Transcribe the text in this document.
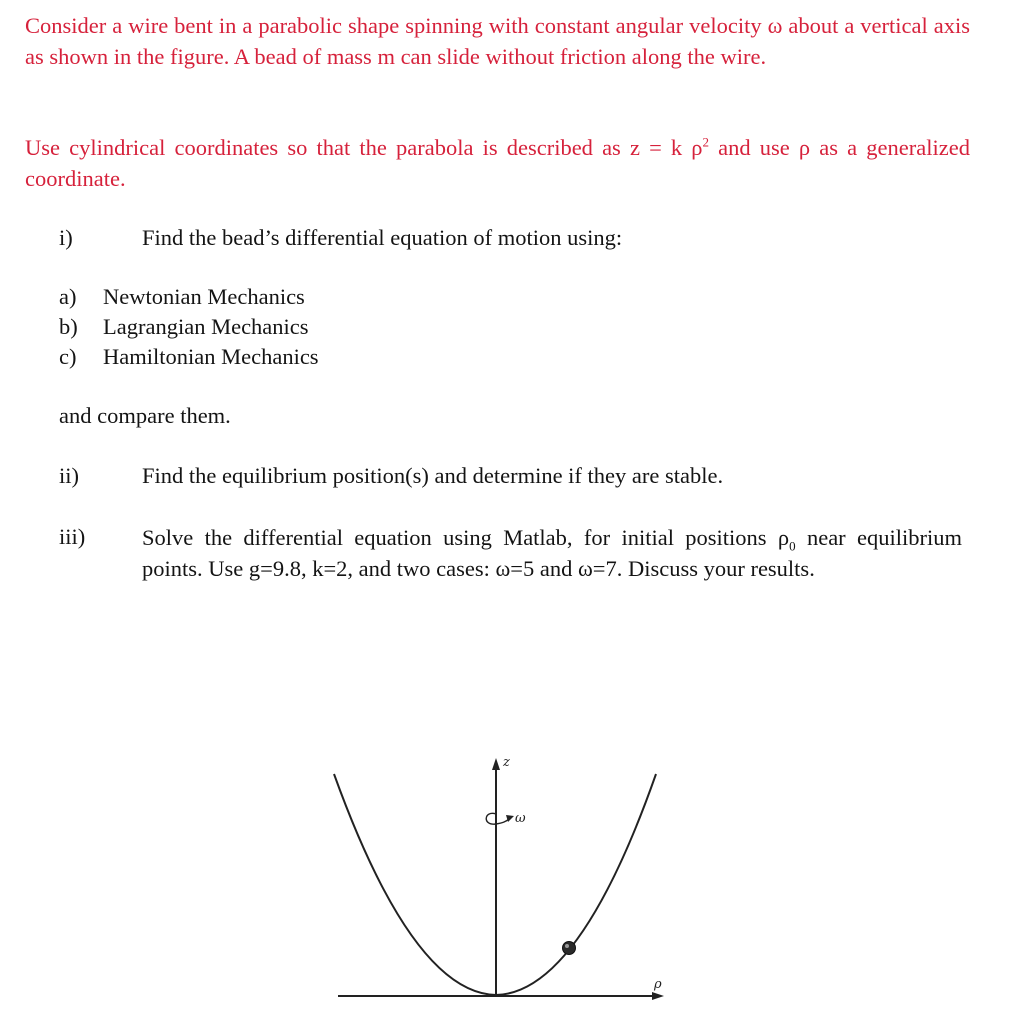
Consider a wire bent in a parabolic shape spinning with constant angular velocity ω about a vertical axis as shown in the figure. A bead of mass m can slide without friction along the wire.

Use cylindrical coordinates so that the parabola is described as z = k $\rho^2$ and use ρ as a generalized coordinate.

i)	Find the bead’s differential equation of motion using:
a) Newtonian Mechanics
b) Lagrangian Mechanics
c) Hamiltonian Mechanics
and compare them.
ii)	Find the equilibrium position(s) and determine if they are stable.
iii)	Solve the differential equation using Matlab, for initial positions $\rho_0$ near equilibrium points. Use g=9.8, k=2, and two cases: ω=5 and ω=7. Discuss your results.

z
ω
ρ
